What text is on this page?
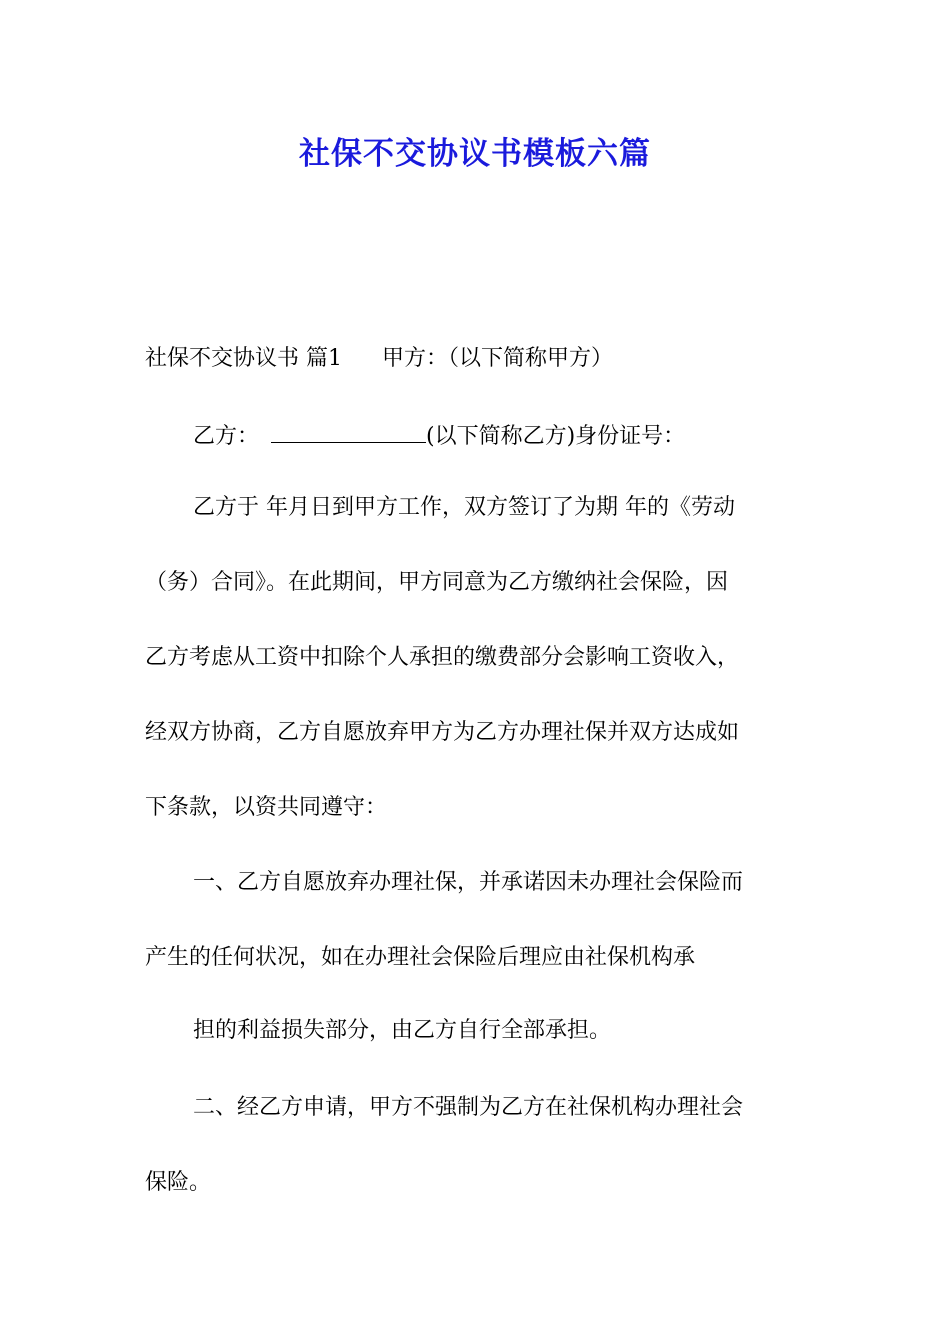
社保不交协议书模板六篇

社保不交协议书 篇1 甲方：（以下简称甲方）

乙方：	(以下简称乙方)身份证号：

乙方于 年月日到甲方工作，双方签订了为期 年的《劳动

（务）合同》。在此期间，甲方同意为乙方缴纳社会保险，因

乙方考虑从工资中扣除个人承担的缴费部分会影响工资收入，

经双方协商，乙方自愿放弃甲方为乙方办理社保并双方达成如

下条款，以资共同遵守：

一、乙方自愿放弃办理社保，并承诺因未办理社会保险而

产生的任何状况，如在办理社会保险后理应由社保机构承

担的利益损失部分，由乙方自行全部承担。

二、经乙方申请，甲方不强制为乙方在社保机构办理社会

保险。
